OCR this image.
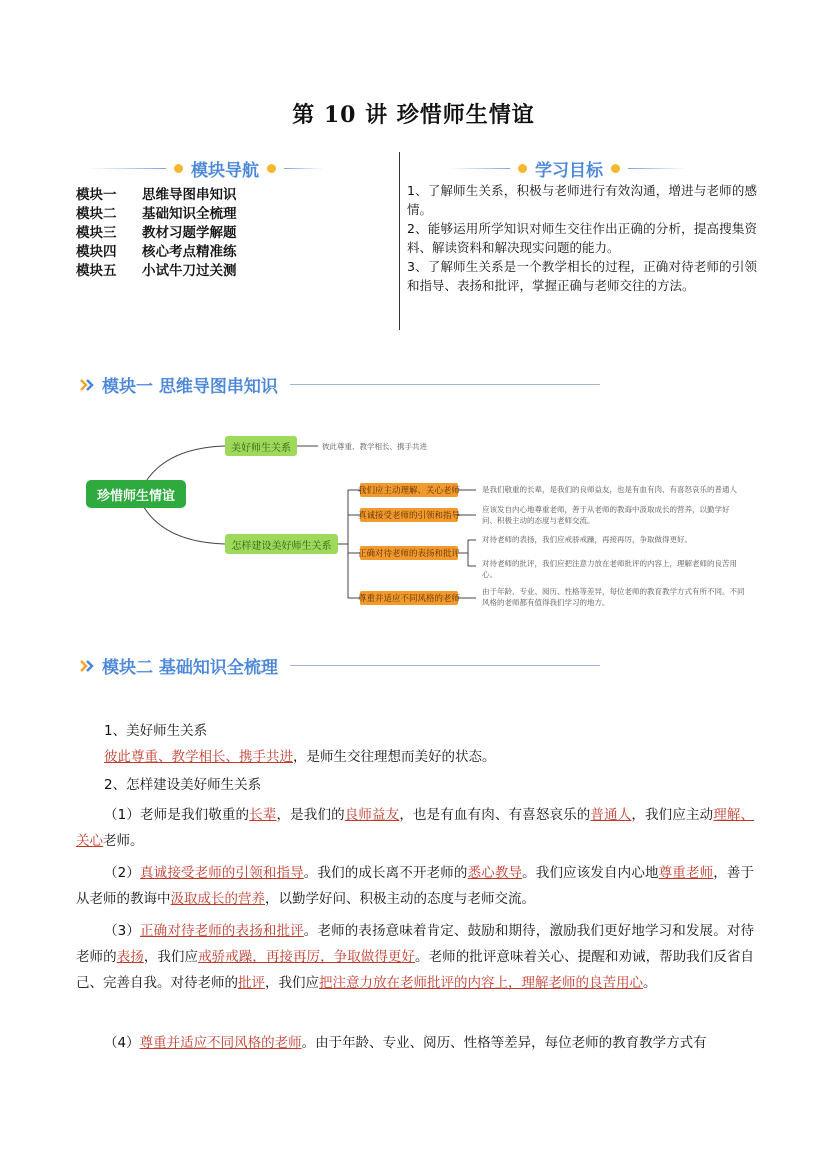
第 10 讲 珍惜师生情谊
模块导航
模块一	思维导图串知识
模块二	基础知识全梳理
模块三	教材习题学解题
模块四	核心考点精准练
模块五	小试牛刀过关测
学习目标
1、了解师生关系，积极与老师进行有效沟通，增进与老师的感情。
2、能够运用所学知识对师生交往作出正确的分析，提高搜集资料、解读资料和解决现实问题的能力。
3、了解师生关系是一个教学相长的过程，正确对待老师的引领和指导、表扬和批评，掌握正确与老师交往的方法。
模块一 思维导图串知识
珍惜师生情谊
美好师生关系	彼此尊重、教学相长、携手共进
怎样建设美好师生关系
我们应主动理解、关心老师	是我们敬重的长辈，是我们的良师益友，也是有血有肉、有喜怒哀乐的普通人
真诚接受老师的引领和指导
应该发自内心地尊重老师，善于从老师的教诲中汲取成长的营养，以勤学好问、积极主动的态度与老师交流。
正确对待老师的表扬和批评
对待老师的表扬，我们应戒骄戒躁，再接再厉，争取做得更好。
对待老师的批评，我们应把注意力放在老师批评的内容上，理解老师的良苦用心。
尊重并适应不同风格的老师
由于年龄、专业、阅历、性格等差异，每位老师的教育教学方式有所不同。不同风格的老师都有值得我们学习的地方。
模块二 基础知识全梳理
1、美好师生关系
彼此尊重、教学相长、携手共进，是师生交往理想而美好的状态。
2、怎样建设美好师生关系
（1）老师是我们敬重的长辈，是我们的良师益友，也是有血有肉、有喜怒哀乐的普通人，我们应主动理解、关心老师。
（2）真诚接受老师的引领和指导。我们的成长离不开老师的悉心教导。我们应该发自内心地尊重老师，善于从老师的教诲中汲取成长的营养，以勤学好问、积极主动的态度与老师交流。
（3）正确对待老师的表扬和批评。老师的表扬意味着肯定、鼓励和期待，激励我们更好地学习和发展。对待老师的表扬，我们应戒骄戒躁，再接再厉，争取做得更好。老师的批评意味着关心、提醒和劝诫，帮助我们反省自己、完善自我。对待老师的批评，我们应把注意力放在老师批评的内容上，理解老师的良苦用心。
（4）尊重并适应不同风格的老师。由于年龄、专业、阅历、性格等差异，每位老师的教育教学方式有
